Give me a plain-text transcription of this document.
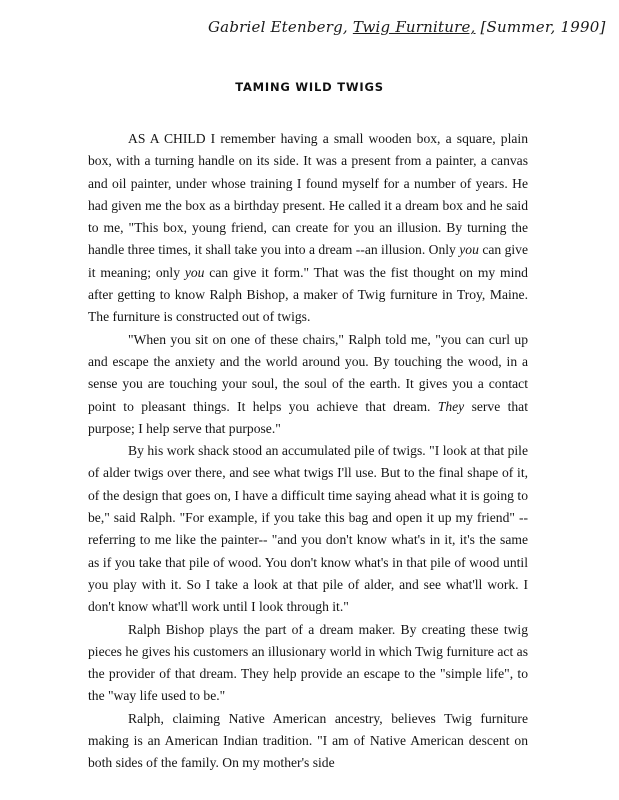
Gabriel Etenberg, Twig Furniture, [Summer, 1990]
TAMING WILD TWIGS

AS A CHILD I remember having a small wooden box, a square, plain box, with a turning handle on its side. It was a present from a painter, a canvas and oil painter, under whose training I found myself for a number of years. He had given me the box as a birthday present. He called it a dream box and he said to me, "This box, young friend, can create for you an illusion. By turning the handle three times, it shall take you into a dream --an illusion. Only you can give it meaning; only you can give it form." That was the fist thought on my mind after getting to know Ralph Bishop, a maker of Twig furniture in Troy, Maine. The furniture is constructed out of twigs.

"When you sit on one of these chairs," Ralph told me, "you can curl up and escape the anxiety and the world around you. By touching the wood, in a sense you are touching your soul, the soul of the earth. It gives you a contact point to pleasant things. It helps you achieve that dream. They serve that purpose; I help serve that purpose."

By his work shack stood an accumulated pile of twigs. "I look at that pile of alder twigs over there, and see what twigs I'll use. But to the final shape of it, of the design that goes on, I have a difficult time saying ahead what it is going to be," said Ralph. "For example, if you take this bag and open it up my friend" --referring to me like the painter-- "and you don't know what's in it, it's the same as if you take that pile of wood. You don't know what's in that pile of wood until you play with it. So I take a look at that pile of alder, and see what'll work. I don't know what'll work until I look through it."

Ralph Bishop plays the part of a dream maker. By creating these twig pieces he gives his customers an illusionary world in which Twig furniture act as the provider of that dream. They help provide an escape to the "simple life", to the "way life used to be."

Ralph, claiming Native American ancestry, believes Twig furniture making is an American Indian tradition. "I am of Native American descent on both sides of the family. On my mother's side
